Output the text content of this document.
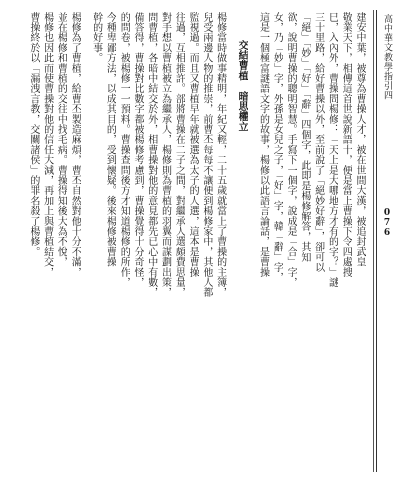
高中華文教學指引四
076
建安中葉，被尊為曹操人才，被在世間大漢，被追封武皇
敬業天下，相傳這首世說新語十，便是當上曹操下令四處搜
巳，入內外，曹操問楊修：「天上是大哪地方才有的字？」謎
三十里路，給好曹操以外，至前說了「絕妙好辭」，卻可以
「絕」「妙」「好」「辭」四個字，此即是楊修解答，其知
欲，說明曹操的聰明智慧。手寫下一個字，說成是「合」字，
女，乃「妙」字，外孫是女兒之子，「好」字，韓「辭」字，
這是一個極富謎語文字的故事，楊修以此語言論話，是曹操
交結曹植　暗思權立
楊修當時做事精明，年紀又輕，二十五歲就當上了曹操的主簿，
兒受兩邊人物的推崇，前曹丕每每不讓便到楊修家中，其他人都
監視過。而且又曹植早年就被選為太子的人選，這本是曹操
往過，互相推許。部將曹操在二子之間，對繼承人選頗費思量，
對手想以曹植被立為繼承人，楊修則為曹植的羽翼而謀劃出策，
問曹植，各暗中結交於外，相曹操對他的意見都先已心中有數，
備答得，曹操對比數字都被楊修考慮到，曹操覺得十分奇怪，
的問卷，被楊修一一預料。曹操查問後方才知道楊修的所作，
今種卑鄙方法，以成其目的，受到懷疑。後來楊修被曹操
幹的好事。
楊修為了曹植，給曹丕製造麻煩，曹丕自然對他十分不滿，
並在楊修和曹植的交往中找毛病。曹操得知後大為不悅，
楊修也因此而使曹操對他的信任大減，再加上與曹植結交，
曹操終於以「漏洩言教，交關諸侯」的罪名殺了楊修。
